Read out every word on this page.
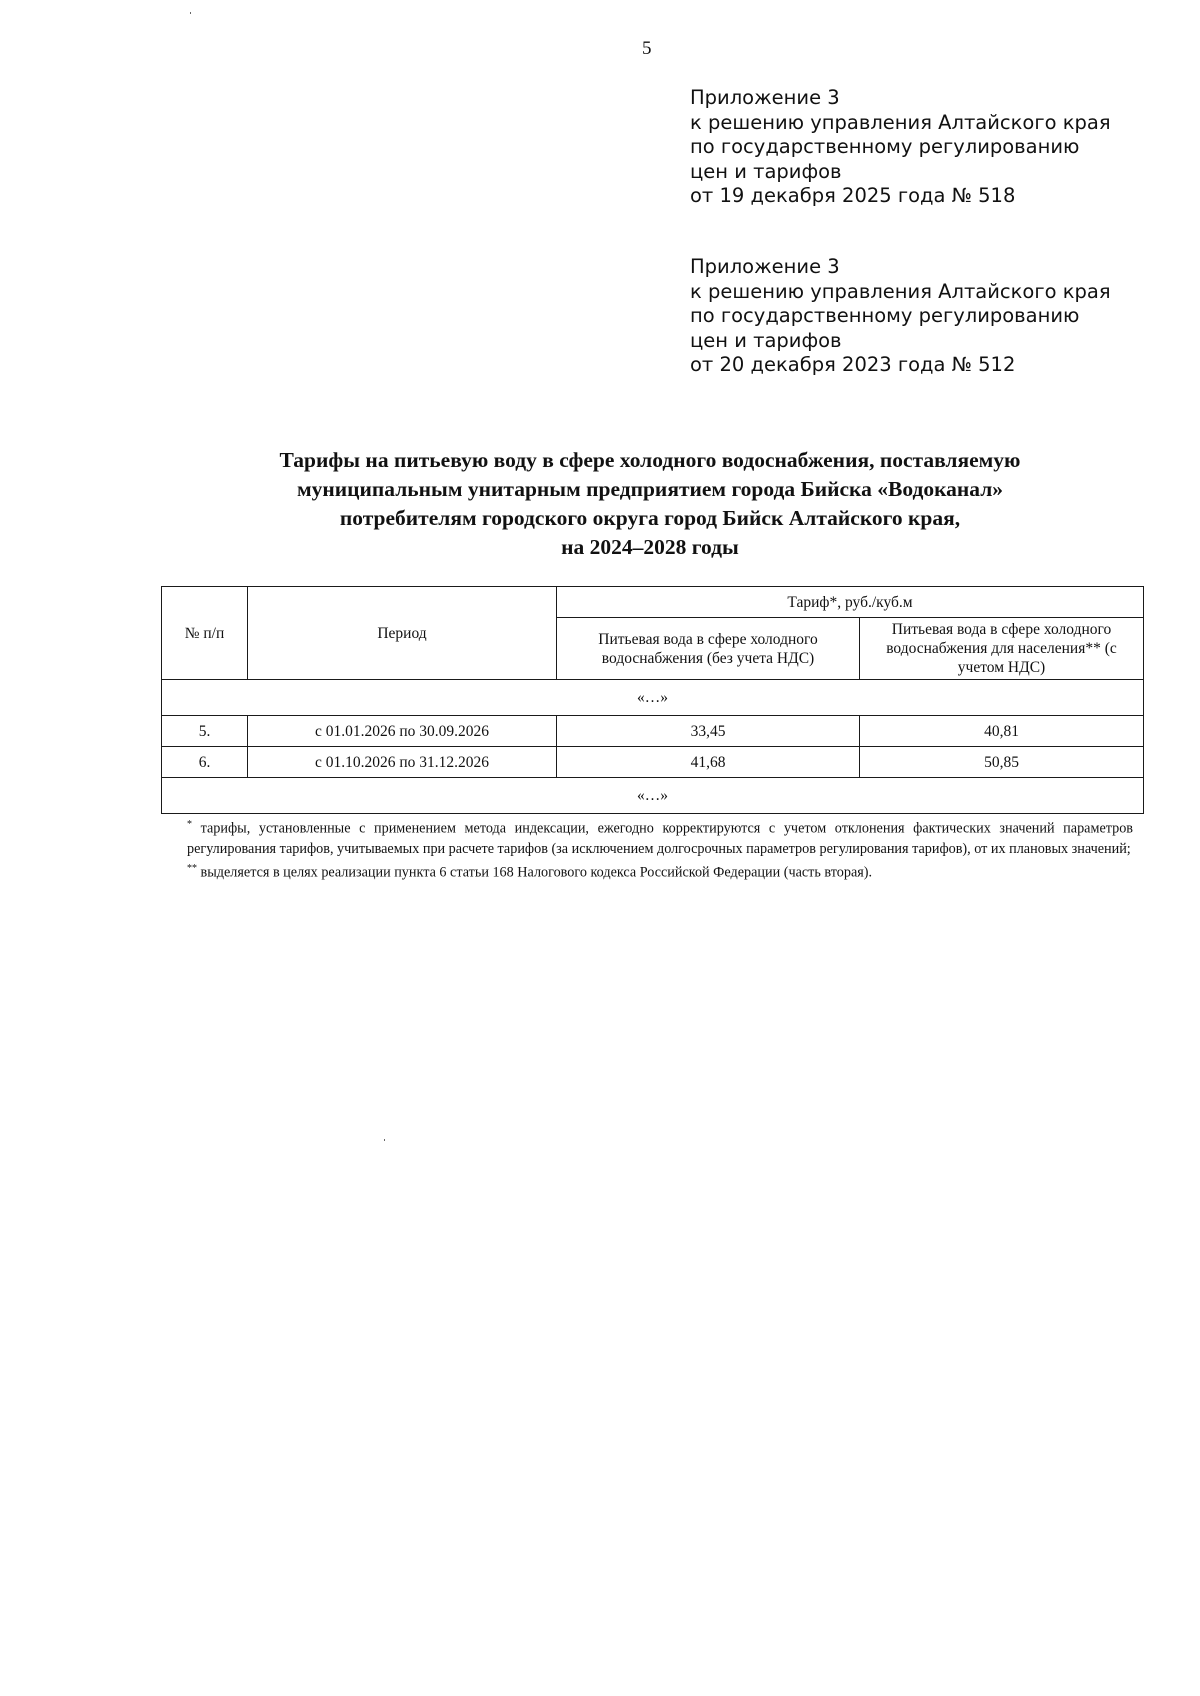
5
Приложение 3
к решению управления Алтайского края
по государственному регулированию
цен и тарифов
от 19 декабря 2025 года № 518
Приложение 3
к решению управления Алтайского края
по государственному регулированию
цен и тарифов
от 20 декабря 2023 года № 512
Тарифы на питьевую воду в сфере холодного водоснабжения, поставляемую
муниципальным унитарным предприятием города Бийска «Водоканал»
потребителям городского округа город Бийск Алтайского края,
на 2024–2028 годы
№ п/п	Период	Тариф*, руб./куб.м	
		Питьевая вода в сфере холодного водоснабжения (без учета НДС)	Питьевая вода в сфере холодного водоснабжения для населения** (с учетом НДС)
«…»			
5.	с 01.01.2026 по 30.09.2026	33,45	40,81
6.	с 01.10.2026 по 31.12.2026	41,68	50,85
«…»			

* тарифы, установленные с применением метода индексации, ежегодно корректируются с учетом отклонения фактических значений параметров регулирования тарифов, учитываемых при расчете тарифов (за исключением долгосрочных параметров регулирования тарифов), от их плановых значений;

** выделяется в целях реализации пункта 6 статьи 168 Налогового кодекса Российской Федерации (часть вторая).
